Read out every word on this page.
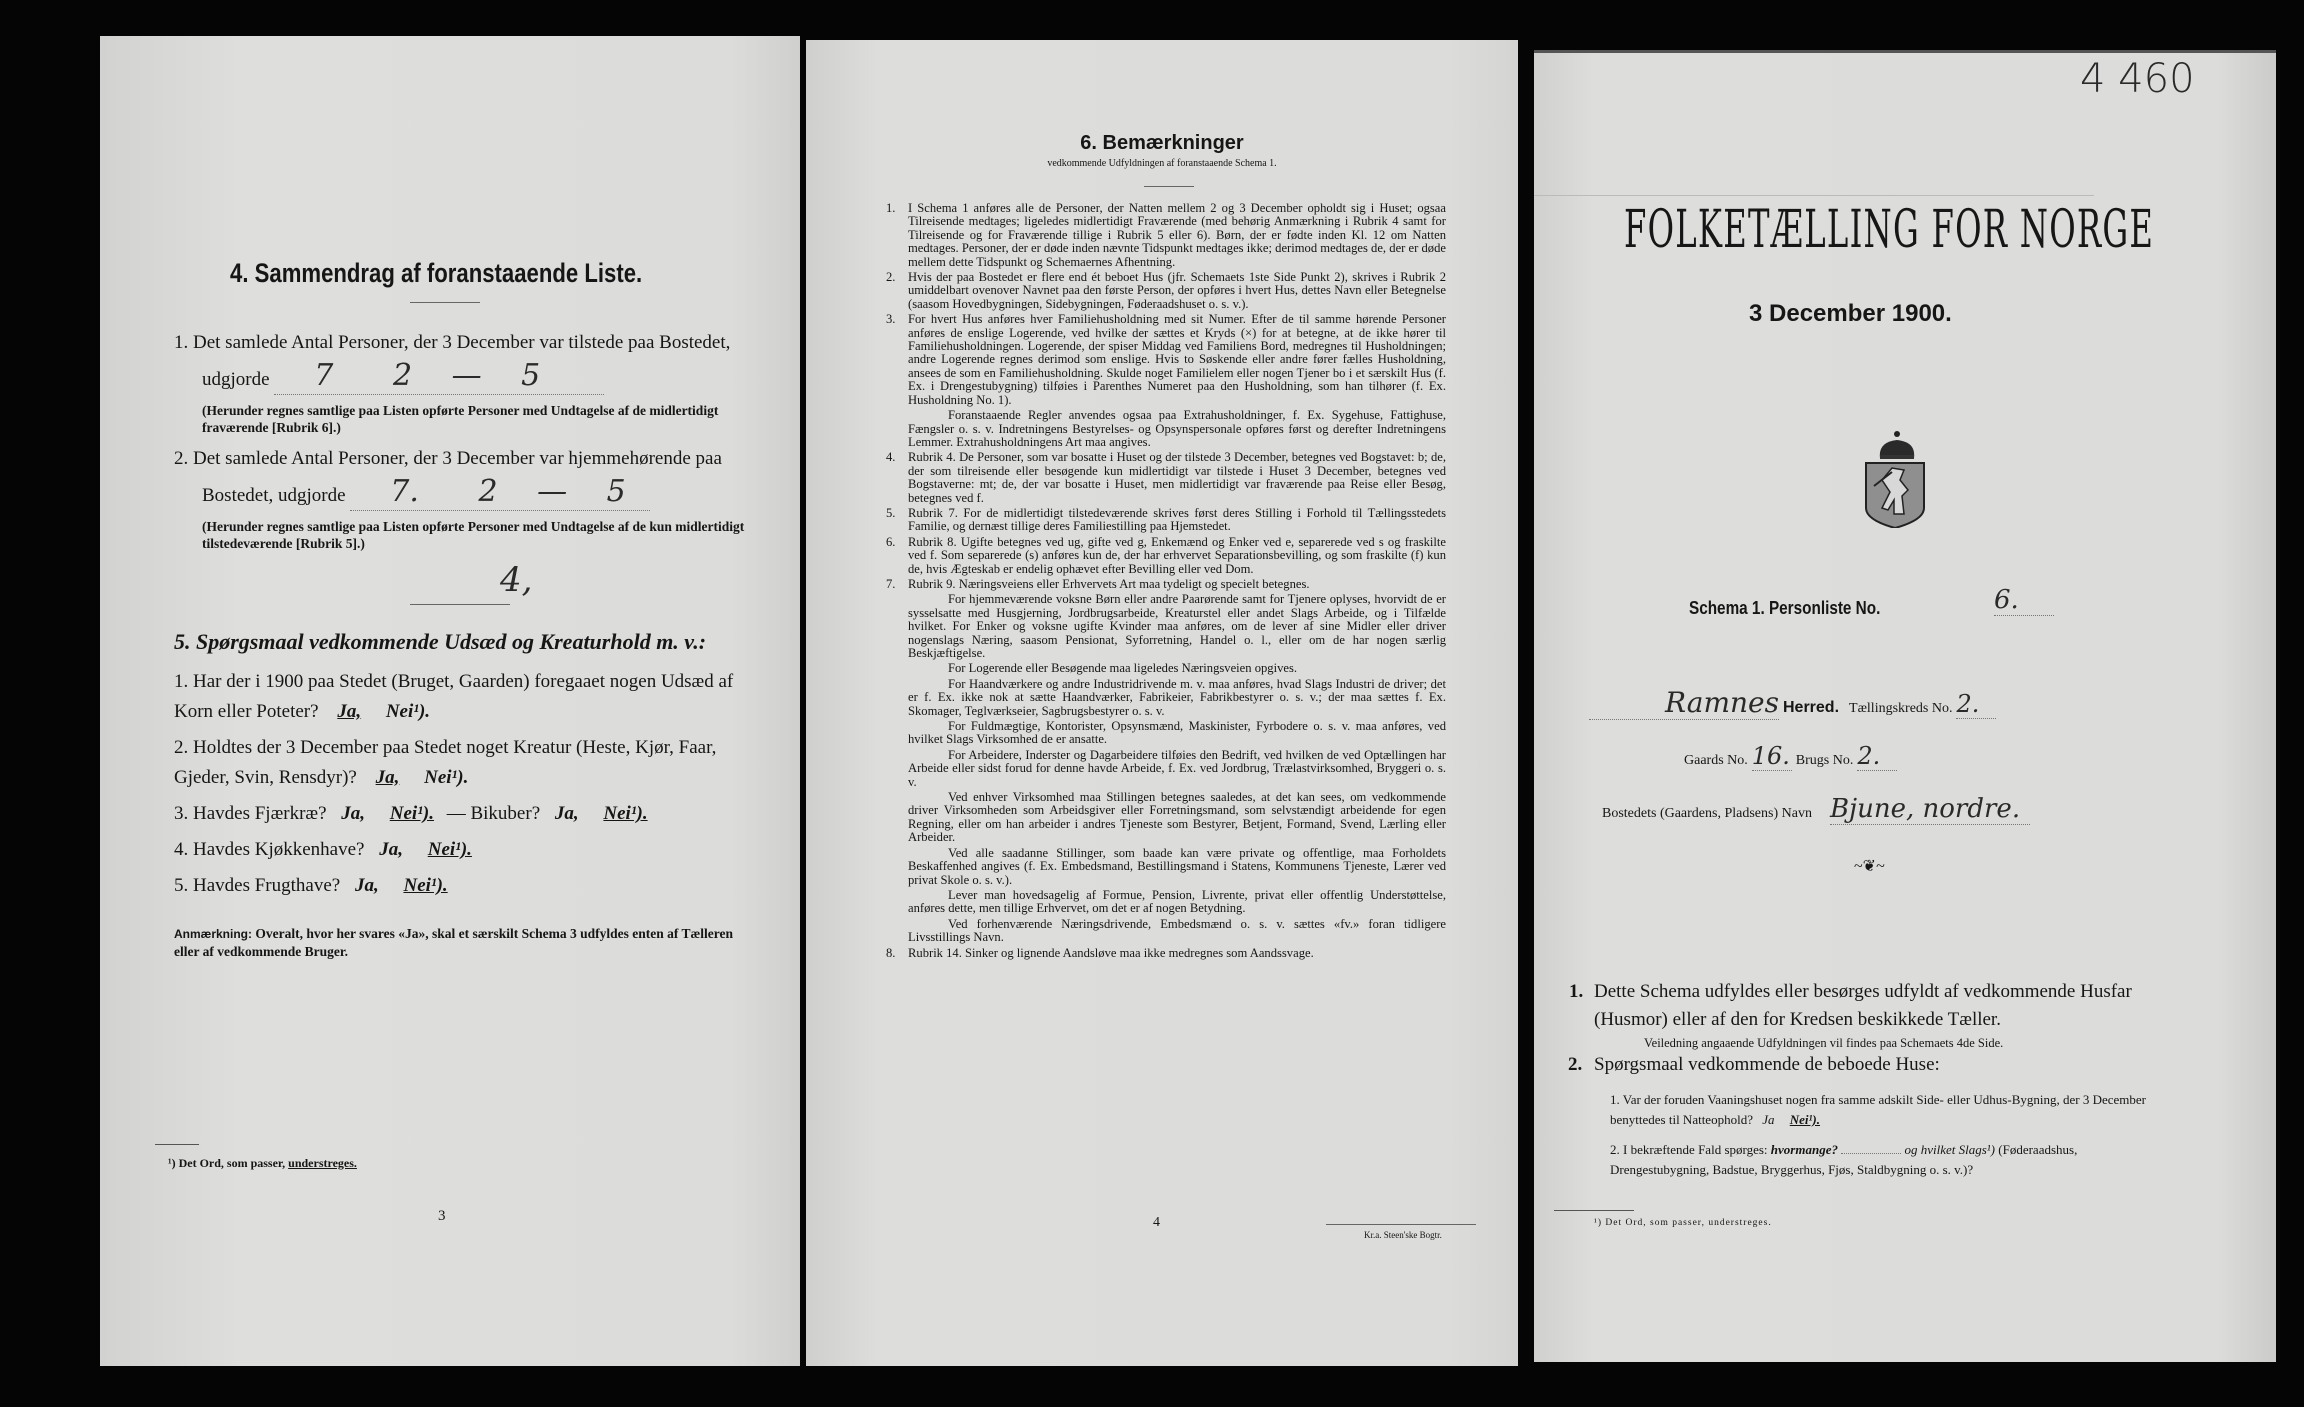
4. Sammendrag af foranstaaende Liste.
1. Det samlede Antal Personer, der 3 December var tilstede paa Bostedet,
udgjorde 7 2 — 5
(Herunder regnes samtlige paa Listen opførte Personer med Undtagelse af de midlertidigt fraværende [Rubrik 6].)
2. Det samlede Antal Personer, der 3 December var hjemmehørende paa
Bostedet, udgjorde 7. 2 — 5
(Herunder regnes samtlige paa Listen opførte Personer med Undtagelse af de kun midlertidigt tilstedeværende [Rubrik 5].)
4,
5. Spørgsmaal vedkommende Udsæd og Kreaturhold m. v.:
1. Har der i 1900 paa Stedet (Bruget, Gaarden) foregaaet nogen Udsæd af Korn eller Poteter? Ja, Nei¹).
2. Holdtes der 3 December paa Stedet noget Kreatur (Heste, Kjør, Faar, Gjeder, Svin, Rensdyr)? Ja, Nei¹).
3. Havdes Fjærkræ? Ja, Nei¹). — Bikuber? Ja, Nei¹).
4. Havdes Kjøkkenhave? Ja, Nei¹).
5. Havdes Frugthave? Ja, Nei¹).
Anmærkning: Overalt, hvor her svares «Ja», skal et særskilt Schema 3 udfyldes enten af Tælleren eller af vedkommende Bruger.
¹) Det Ord, som passer, understreges.
3
6. Bemærkninger
vedkommende Udfyldningen af foranstaaende Schema 1.

1. I Schema 1 anføres alle de Personer, der Natten mellem 2 og 3 December opholdt sig i Huset; ogsaa Tilreisende medtages; ligeledes midlertidigt Fraværende (med behørig Anmærkning i Rubrik 4 samt for Tilreisende og for Fraværende tillige i Rubrik 5 eller 6). Børn, der er fødte inden Kl. 12 om Natten medtages. Personer, der er døde inden nævnte Tidspunkt medtages ikke; derimod medtages de, der er døde mellem dette Tidspunkt og Schemaernes Afhentning.

2. Hvis der paa Bostedet er flere end ét beboet Hus (jfr. Schemaets 1ste Side Punkt 2), skrives i Rubrik 2 umiddelbart ovenover Navnet paa den første Person, der opføres i hvert Hus, dettes Navn eller Betegnelse (saasom Hovedbygningen, Sidebygningen, Føderaadshuset o. s. v.).

3. For hvert Hus anføres hver Familiehusholdning med sit Numer. Efter de til samme hørende Personer anføres de enslige Logerende, ved hvilke der sættes et Kryds (×) for at betegne, at de ikke hører til Familiehusholdningen. Logerende, der spiser Middag ved Familiens Bord, medregnes til Husholdningen; andre Logerende regnes derimod som enslige. Hvis to Søskende eller andre fører fælles Husholdning, ansees de som en Familiehusholdning. Skulde noget Familielem eller nogen Tjener bo i et særskilt Hus (f. Ex. i Drengestubygning) tilføies i Parenthes Numeret paa den Husholdning, som han tilhører (f. Ex. Husholdning No. 1).

Foranstaaende Regler anvendes ogsaa paa Extrahusholdninger, f. Ex. Sygehuse, Fattighuse, Fængsler o. s. v. Indretningens Bestyrelses- og Opsynspersonale opføres først og derefter Indretningens Lemmer. Extrahusholdningens Art maa angives.

4. Rubrik 4. De Personer, som var bosatte i Huset og der tilstede 3 December, betegnes ved Bogstavet: b; de, der som tilreisende eller besøgende kun midlertidigt var tilstede i Huset 3 December, betegnes ved Bogstaverne: mt; de, der var bosatte i Huset, men midlertidigt var fraværende paa Reise eller Besøg, betegnes ved f.

5. Rubrik 7. For de midlertidigt tilstedeværende skrives først deres Stilling i Forhold til Tællingsstedets Familie, og dernæst tillige deres Familiestilling paa Hjemstedet.

6. Rubrik 8. Ugifte betegnes ved ug, gifte ved g, Enkemænd og Enker ved e, separerede ved s og fraskilte ved f. Som separerede (s) anføres kun de, der har erhvervet Separationsbevilling, og som fraskilte (f) kun de, hvis Ægteskab er endelig ophævet efter Bevilling eller ved Dom.

7. Rubrik 9. Næringsveiens eller Erhvervets Art maa tydeligt og specielt betegnes.

For hjemmeværende voksne Børn eller andre Paarørende samt for Tjenere oplyses, hvorvidt de er sysselsatte med Husgjerning, Jordbrugsarbeide, Kreaturstel eller andet Slags Arbeide, og i Tilfælde hvilket. For Enker og voksne ugifte Kvinder maa anføres, om de lever af sine Midler eller driver nogenslags Næring, saasom Pensionat, Syforretning, Handel o. l., eller om de har nogen særlig Beskjæftigelse.

For Logerende eller Besøgende maa ligeledes Næringsveien opgives.

For Haandværkere og andre Industridrivende m. v. maa anføres, hvad Slags Industri de driver; det er f. Ex. ikke nok at sætte Haandværker, Fabrikeier, Fabrikbestyrer o. s. v.; der maa sættes f. Ex. Skomager, Teglværkseier, Sagbrugsbestyrer o. s. v.

For Fuldmægtige, Kontorister, Opsynsmænd, Maskinister, Fyrbodere o. s. v. maa anføres, ved hvilket Slags Virksomhed de er ansatte.

For Arbeidere, Inderster og Dagarbeidere tilføies den Bedrift, ved hvilken de ved Optællingen har Arbeide eller sidst forud for denne havde Arbeide, f. Ex. ved Jordbrug, Trælastvirksomhed, Bryggeri o. s. v.

Ved enhver Virksomhed maa Stillingen betegnes saaledes, at det kan sees, om vedkommende driver Virksomheden som Arbeidsgiver eller Forretningsmand, som selvstændigt arbeidende for egen Regning, eller om han arbeider i andres Tjeneste som Bestyrer, Betjent, Formand, Svend, Lærling eller Arbeider.

Ved alle saadanne Stillinger, som baade kan være private og offentlige, maa Forholdets Beskaffenhed angives (f. Ex. Embedsmand, Bestillingsmand i Statens, Kommunens Tjeneste, Lærer ved privat Skole o. s. v.).

Lever man hovedsagelig af Formue, Pension, Livrente, privat eller offentlig Understøttelse, anføres dette, men tillige Erhvervet, om det er af nogen Betydning.

Ved forhenværende Næringsdrivende, Embedsmænd o. s. v. sættes «fv.» foran tidligere Livsstillings Navn.

8. Rubrik 14. Sinker og lignende Aandsløve maa ikke medregnes som Aandssvage.

4
Kr.a. Steen'ske Bogtr.
4 460
FOLKETÆLLING FOR NORGE
3 December 1900.
Schema 1. Personliste No.	6.
Ramnes Herred. Tællingskreds No. 2.
Gaards No. 16. Brugs No. 2.
Bostedets (Gaardens, Pladsens) Navn Bjune, nordre.
~❦~
1. Dette Schema udfyldes eller besørges udfyldt af vedkommende Husfar (Husmor) eller af den for Kredsen beskikkede Tæller.
Veiledning angaaende Udfyldningen vil findes paa Schemaets 4de Side.
2. Spørgsmaal vedkommende de beboede Huse:
1. Var der foruden Vaaningshuset nogen fra samme adskilt Side- eller Udhus-Bygning, der 3 December benyttedes til Natteophold? Ja Nei¹).
2. I bekræftende Fald spørges: hvormange?	og hvilket Slags¹) (Føderaadshus, Drengestubygning, Badstue, Bryggerhus, Fjøs, Staldbygning o. s. v.)?
¹) Det Ord, som passer, understreges.
